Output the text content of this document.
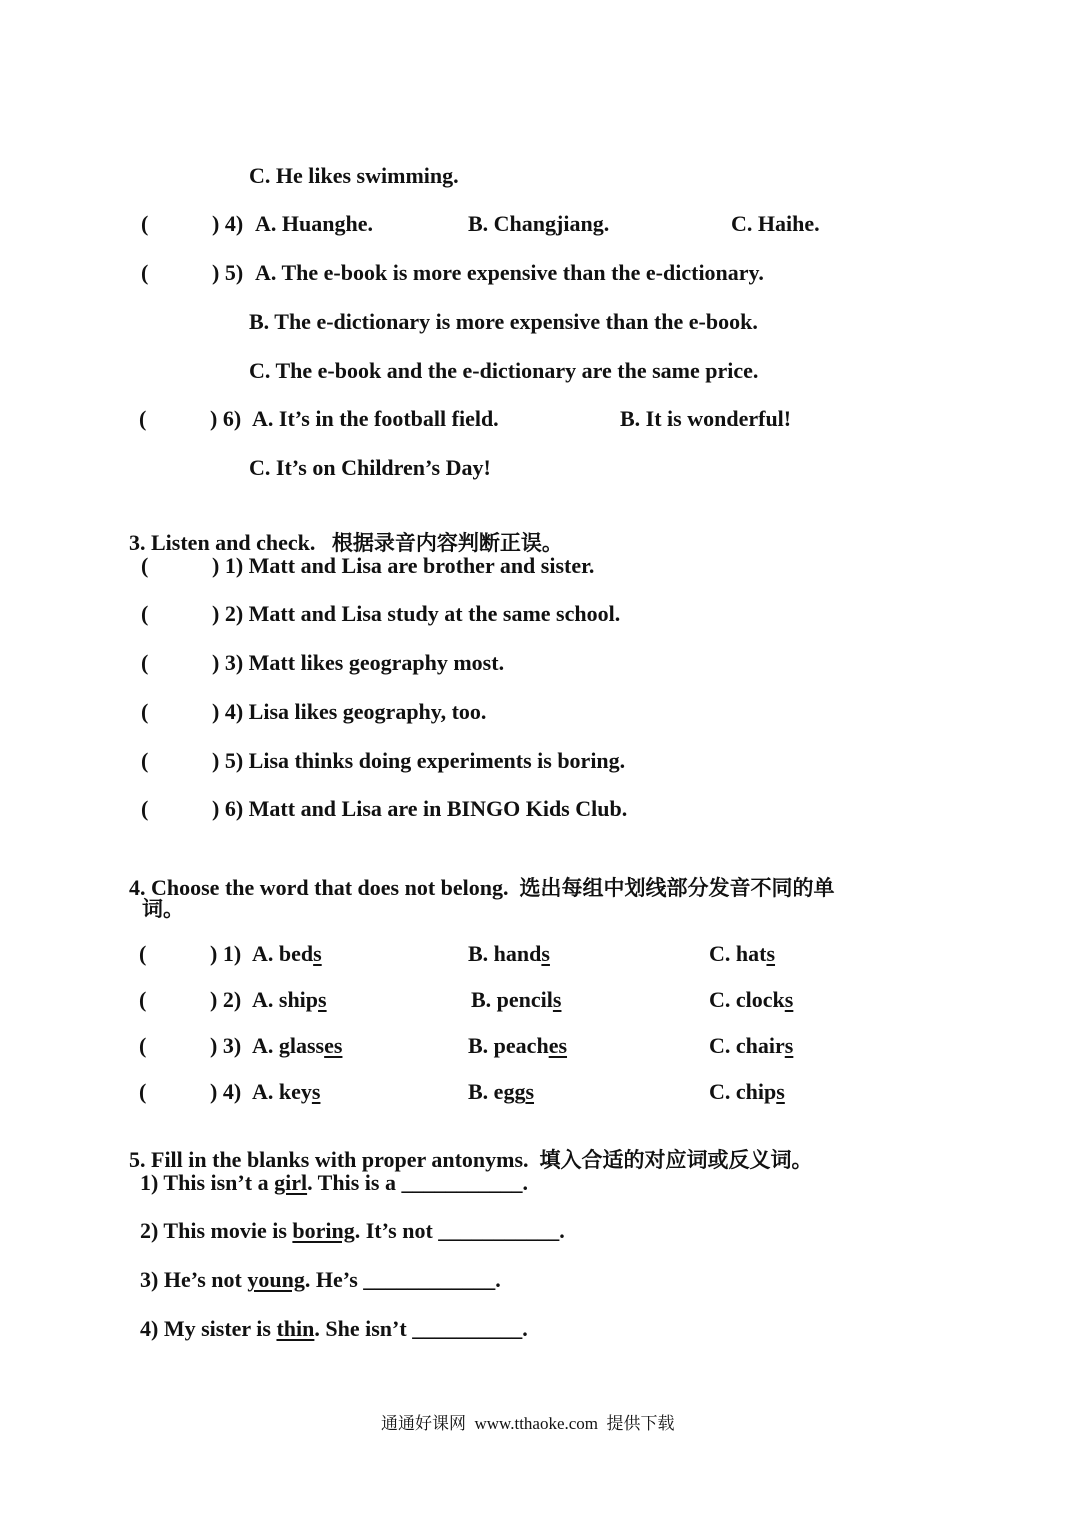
C. He likes swimming.
(	) 4) A. Huanghe.	B. Changjiang.	C. Haihe.
(	) 5) A. The e-book is more expensive than the e-dictionary.
B. The e-dictionary is more expensive than the e-book.
C. The e-book and the e-dictionary are the same price.
(	) 6) A. It’s in the football field.	B. It is wonderful!
C. It’s on Children’s Day!

3. Listen and check. 根据录音内容判断正误。

(	) 1) Matt and Lisa are brother and sister.
(	) 2) Matt and Lisa study at the same school.
(	) 3) Matt likes geography most.
(	) 4) Lisa likes geography, too.
(	) 5) Lisa thinks doing experiments is boring.
(	) 6) Matt and Lisa are in BINGO Kids Club.

4. Choose the word that does not belong. 选出每组中划线部分发音不同的单

词。
(	) 1) A. beds	B. hands	C. hats
(	) 2) A. ships	B. pencils	C. clocks
(	) 3) A. glasses	B. peaches	C. chairs
(	) 4) A. keys	B. eggs	C. chips

5. Fill in the blanks with proper antonyms. 填入合适的对应词或反义词。

1) This isn’t a girl. This is a ___________.
2) This movie is boring. It’s not ___________.
3) He’s not young. He’s ____________.
4) My sister is thin. She isn’t __________.
通通好课网 www.tthaoke.com 提供下载
